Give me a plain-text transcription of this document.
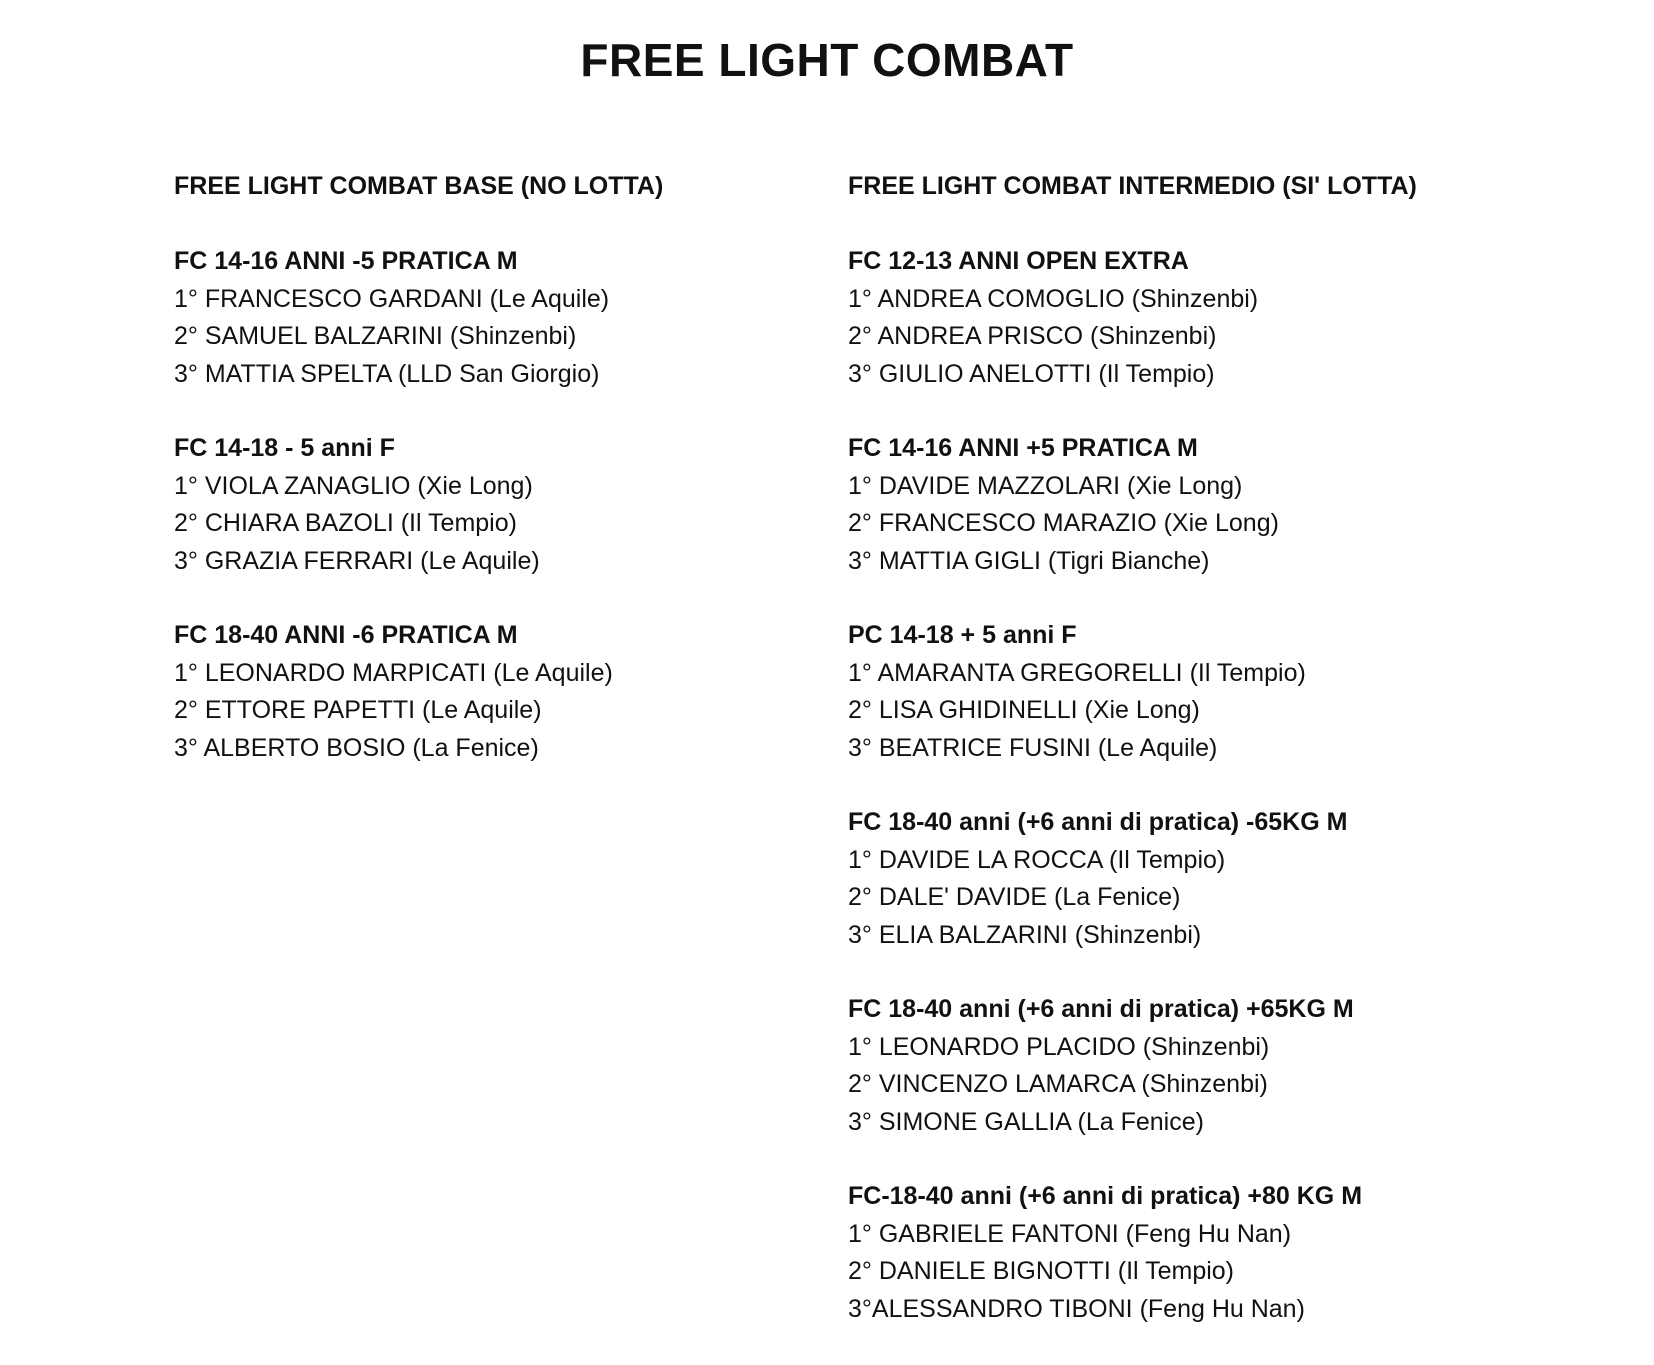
FREE LIGHT COMBAT
FREE LIGHT COMBAT BASE (NO LOTTA)
FC 14-16 ANNI -5 PRATICA M
1° FRANCESCO GARDANI (Le Aquile)
2° SAMUEL BALZARINI (Shinzenbi)
3° MATTIA SPELTA (LLD San Giorgio)
FC 14-18 - 5 anni F
1° VIOLA ZANAGLIO (Xie Long)
2° CHIARA BAZOLI (Il Tempio)
3° GRAZIA FERRARI (Le Aquile)
FC 18-40 ANNI -6 PRATICA M
1° LEONARDO MARPICATI (Le Aquile)
2° ETTORE PAPETTI (Le Aquile)
3° ALBERTO BOSIO (La Fenice)
FREE LIGHT COMBAT INTERMEDIO (SI' LOTTA)
FC 12-13 ANNI OPEN EXTRA
1° ANDREA COMOGLIO (Shinzenbi)
2° ANDREA PRISCO (Shinzenbi)
3° GIULIO ANELOTTI (Il Tempio)
FC 14-16 ANNI +5 PRATICA M
1° DAVIDE MAZZOLARI (Xie Long)
2° FRANCESCO MARAZIO (Xie Long)
3° MATTIA GIGLI (Tigri Bianche)
PC 14-18 + 5 anni F
1° AMARANTA GREGORELLI (Il Tempio)
2° LISA GHIDINELLI (Xie Long)
3° BEATRICE FUSINI (Le Aquile)
FC 18-40 anni (+6 anni di pratica) -65KG M
1° DAVIDE LA ROCCA (Il Tempio)
2° DALE' DAVIDE (La Fenice)
3° ELIA BALZARINI (Shinzenbi)
FC 18-40 anni (+6 anni di pratica) +65KG M
1° LEONARDO PLACIDO (Shinzenbi)
2° VINCENZO LAMARCA (Shinzenbi)
3° SIMONE GALLIA (La Fenice)
FC-18-40 anni (+6 anni di pratica) +80 KG M
1° GABRIELE FANTONI (Feng Hu Nan)
2° DANIELE BIGNOTTI (Il Tempio)
3°ALESSANDRO TIBONI (Feng Hu Nan)
